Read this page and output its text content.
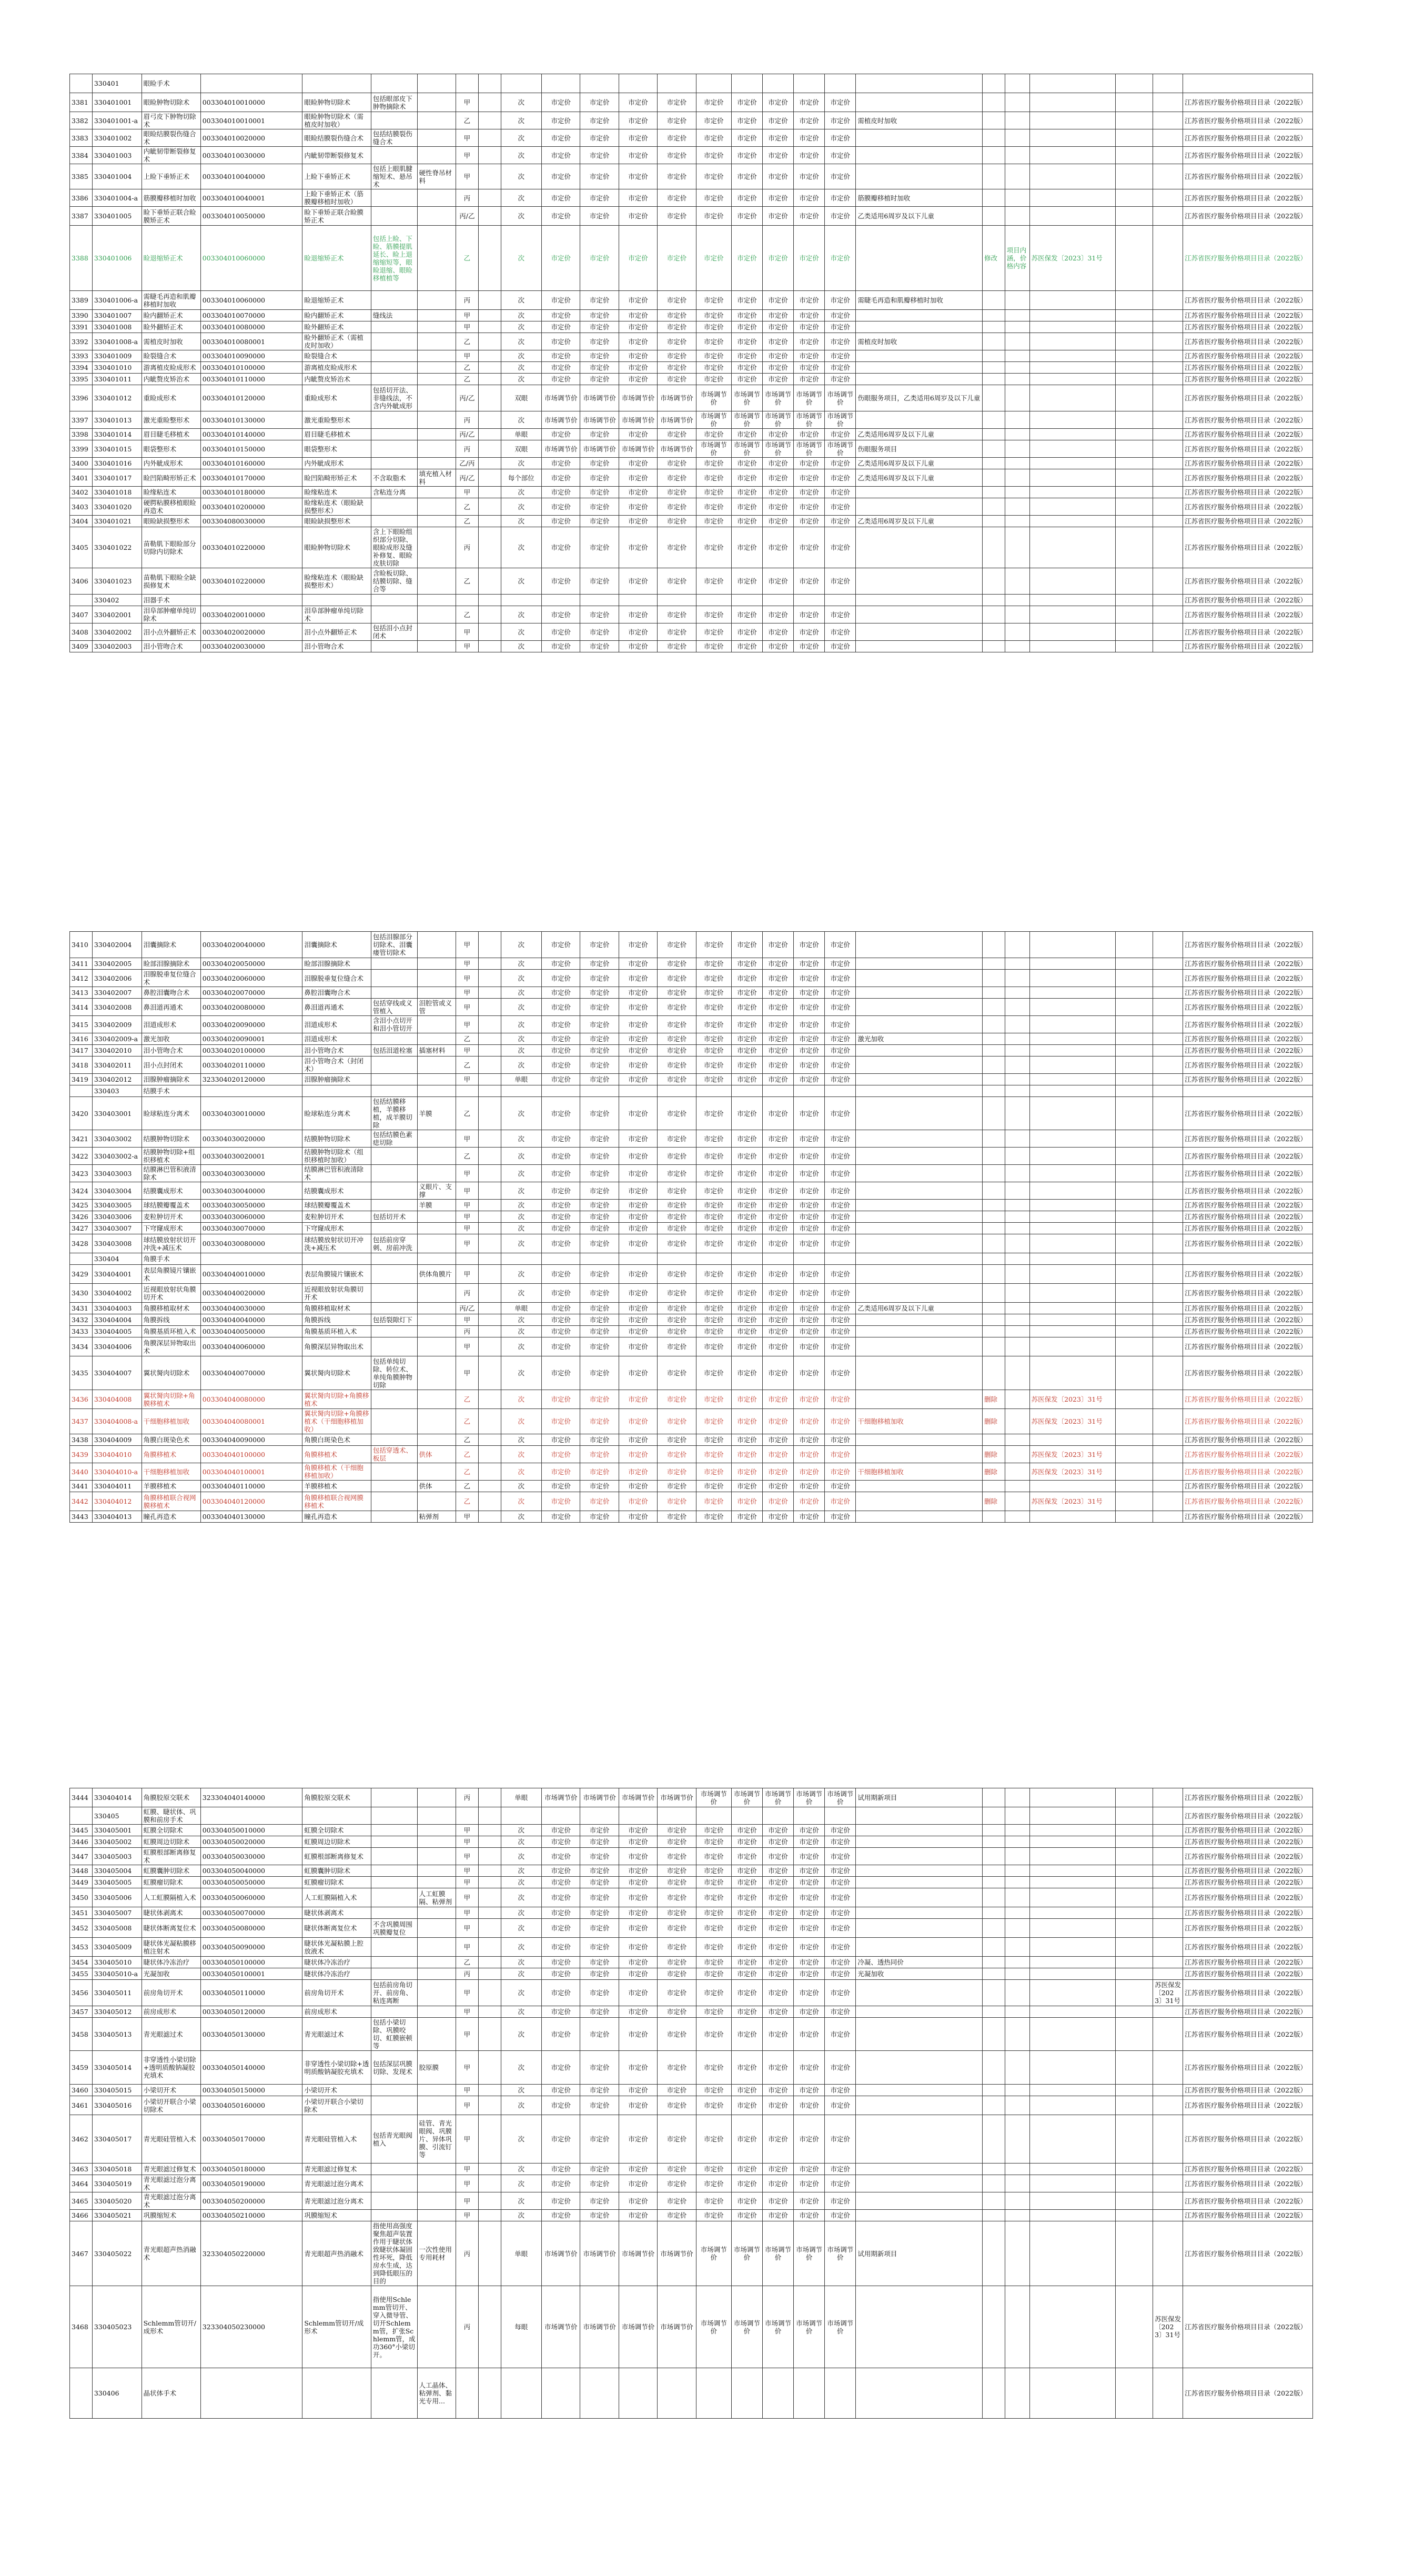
	330401	眼睑手术																							
3381	330401001	眼睑肿物切除术	003304010010000	眼睑肿物切除术	包括眼部皮下肿物摘除术		甲		次	市定价	市定价	市定价	市定价	市定价	市定价	市定价	市定价	市定价							江苏省医疗服务价格项目目录（2022版）
3382	330401001-a	眉弓皮下肿物切除术	003304010010001	眼睑肿物切除术（需植皮时加收）			乙		次	市定价	市定价	市定价	市定价	市定价	市定价	市定价	市定价	市定价	需植皮时加收						江苏省医疗服务价格项目目录（2022版）
3383	330401002	眼睑结膜裂伤缝合术	003304010020000	眼睑结膜裂伤缝合术	包括结膜裂伤缝合术		甲		次	市定价	市定价	市定价	市定价	市定价	市定价	市定价	市定价	市定价							江苏省医疗服务价格项目目录（2022版）
3384	330401003	内眦韧带断裂修复术	003304010030000	内眦韧带断裂修复术			甲		次	市定价	市定价	市定价	市定价	市定价	市定价	市定价	市定价	市定价							江苏省医疗服务价格项目目录（2022版）
3385	330401004	上睑下垂矫正术	003304010040000	上睑下垂矫正术	包括上眼肌腱缩短术、悬吊术	硬性脊吊材料	甲		次	市定价	市定价	市定价	市定价	市定价	市定价	市定价	市定价	市定价							江苏省医疗服务价格项目目录（2022版）
3386	330401004-a	筋膜瓣移植时加收	003304010040001	上睑下垂矫正术（筋膜瓣移植时加收）			丙		次	市定价	市定价	市定价	市定价	市定价	市定价	市定价	市定价	市定价	筋膜瓣移植时加收						江苏省医疗服务价格项目目录（2022版）
3387	330401005	睑下垂矫正联合睑膜矫正术	003304010050000	睑下垂矫正联合睑膜矫正术			丙/乙		次	市定价	市定价	市定价	市定价	市定价	市定价	市定价	市定价	市定价	乙类适用6周岁及以下儿童						江苏省医疗服务价格项目目录（2022版）
3388	330401006	睑退缩矫正术	003304010060000	睑退缩矫正术	包括上睑、下睑、筋膜提肌延长、睑上退缩缩短等，眼睑退缩、眼睑移植植等		乙		次	市定价	市定价	市定价	市定价	市定价	市定价	市定价	市定价	市定价		修改	项目内涵，价格内容	苏医保发〔2023〕31号			江苏省医疗服务价格项目目录（2022版）
3389	330401006-a	需睫毛再造和肌瓣移植时加收	003304010060000	睑退缩矫正术			丙		次	市定价	市定价	市定价	市定价	市定价	市定价	市定价	市定价	市定价	需睫毛再造和肌瓣移植时加收						江苏省医疗服务价格项目目录（2022版）
3390	330401007	睑内翻矫正术	003304010070000	睑内翻矫正术	缝线法		甲		次	市定价	市定价	市定价	市定价	市定价	市定价	市定价	市定价	市定价							江苏省医疗服务价格项目目录（2022版）
3391	330401008	睑外翻矫正术	003304010080000	睑外翻矫正术			甲		次	市定价	市定价	市定价	市定价	市定价	市定价	市定价	市定价	市定价							江苏省医疗服务价格项目目录（2022版）
3392	330401008-a	需植皮时加收	003304010080001	睑外翻矫正术（需植皮时加收）			乙		次	市定价	市定价	市定价	市定价	市定价	市定价	市定价	市定价	市定价	需植皮时加收						江苏省医疗服务价格项目目录（2022版）
3393	330401009	睑裂缝合术	003304010090000	睑裂缝合术			甲		次	市定价	市定价	市定价	市定价	市定价	市定价	市定价	市定价	市定价							江苏省医疗服务价格项目目录（2022版）
3394	330401010	游离植皮睑成形术	003304010100000	游离植皮睑成形术			乙		次	市定价	市定价	市定价	市定价	市定价	市定价	市定价	市定价	市定价							江苏省医疗服务价格项目目录（2022版）
3395	330401011	内眦赘皮矫治术	003304010110000	内眦赘皮矫治术			乙		次	市定价	市定价	市定价	市定价	市定价	市定价	市定价	市定价	市定价							江苏省医疗服务价格项目目录（2022版）
3396	330401012	重睑成形术	003304010120000	重睑成形术	包括切开法、非缝线法，不含内外眦成形		丙/乙		双眼	市场调节价	市场调节价	市场调节价	市场调节价	市场调节价	市场调节价	市场调节价	市场调节价	市场调节价	伤眼服务项目，乙类适用6周岁及以下儿童						江苏省医疗服务价格项目目录（2022版）
3397	330401013	激光重睑整形术	003304010130000	激光重睑整形术			丙		次	市场调节价	市场调节价	市场调节价	市场调节价	市场调节价	市场调节价	市场调节价	市场调节价	市场调节价							江苏省医疗服务价格项目目录（2022版）
3398	330401014	眉目睫毛移植术	003304010140000	眉目睫毛移植术			丙/乙		单眼	市定价	市定价	市定价	市定价	市定价	市定价	市定价	市定价	市定价	乙类适用6周岁及以下儿童						江苏省医疗服务价格项目目录（2022版）
3399	330401015	眼袋整形术	003304010150000	眼袋整形术			丙		双眼	市场调节价	市场调节价	市场调节价	市场调节价	市场调节价	市场调节价	市场调节价	市场调节价	市场调节价	伤眼服务项目						江苏省医疗服务价格项目目录（2022版）
3400	330401016	内外眦成形术	003304010160000	内外眦成形术			乙/丙		次	市定价	市定价	市定价	市定价	市定价	市定价	市定价	市定价	市定价	乙类适用6周岁及以下儿童						江苏省医疗服务价格项目目录（2022版）
3401	330401017	睑凹陷畸形矫正术	003304010170000	睑凹陷畸形矫正术	不含取脂术	填充植入材料	丙/乙		每个部位	市定价	市定价	市定价	市定价	市定价	市定价	市定价	市定价	市定价	乙类适用6周岁及以下儿童						江苏省医疗服务价格项目目录（2022版）
3402	330401018	睑缘粘连术	003304010180000	睑缘粘连术	含粘连分离		甲		次	市定价	市定价	市定价	市定价	市定价	市定价	市定价	市定价	市定价							江苏省医疗服务价格项目目录（2022版）
3403	330401020	硬腭粘膜移植眼睑再造术	003304010200000	睑缘粘连术（眼睑缺损整形术）			乙		次	市定价	市定价	市定价	市定价	市定价	市定价	市定价	市定价	市定价							江苏省医疗服务价格项目目录（2022版）
3404	330401021	眼睑缺损整形术	003304080030000	眼睑缺损整形术			乙		次	市定价	市定价	市定价	市定价	市定价	市定价	市定价	市定价	市定价	乙类适用6周岁及以下儿童						江苏省医疗服务价格项目目录（2022版）
3405	330401022	苗勒肌下眼睑部分切除内切除术	003304010220000	眼睑肿物切除术	含上下眼睑组织部分切除、眼睑成形及缝补修复、眼睑皮肤切除		丙		次	市定价	市定价	市定价	市定价	市定价	市定价	市定价	市定价	市定价							江苏省医疗服务价格项目目录（2022版）
3406	330401023	苗勒肌下眼睑全缺损修复术	003304010220000	睑缘粘连术（眼睑缺损整形术）	含睑板切除、结膜切除、缝合等		乙		次	市定价	市定价	市定价	市定价	市定价	市定价	市定价	市定价	市定价							江苏省医疗服务价格项目目录（2022版）
	330402	泪器手术																							江苏省医疗服务价格项目目录（2022版）
3407	330402001	泪阜部肿瘤单纯切除术	003304020010000	泪阜部肿瘤单纯切除术			乙		次	市定价	市定价	市定价	市定价	市定价	市定价	市定价	市定价	市定价							江苏省医疗服务价格项目目录（2022版）
3408	330402002	泪小点外翻矫正术	003304020020000	泪小点外翻矫正术	包括泪小点封闭术		甲		次	市定价	市定价	市定价	市定价	市定价	市定价	市定价	市定价	市定价							江苏省医疗服务价格项目目录（2022版）
3409	330402003	泪小管吻合术	003304020030000	泪小管吻合术			甲		次	市定价	市定价	市定价	市定价	市定价	市定价	市定价	市定价	市定价							江苏省医疗服务价格项目目录（2022版）
3410	330402004	泪囊摘除术	003304020040000	泪囊摘除术	包括泪腺部分切除术、泪囊瘘管切除术		甲		次	市定价	市定价	市定价	市定价	市定价	市定价	市定价	市定价	市定价							江苏省医疗服务价格项目目录（2022版）
3411	330402005	睑部泪腺摘除术	003304020050000	睑部泪腺摘除术			甲		次	市定价	市定价	市定价	市定价	市定价	市定价	市定价	市定价	市定价							江苏省医疗服务价格项目目录（2022版）
3412	330402006	泪腺脱垂复位缝合术	003304020060000	泪腺脱垂复位缝合术			甲		次	市定价	市定价	市定价	市定价	市定价	市定价	市定价	市定价	市定价							江苏省医疗服务价格项目目录（2022版）
3413	330402007	鼻腔泪囊吻合术	003304020070000	鼻腔泪囊吻合术			甲		次	市定价	市定价	市定价	市定价	市定价	市定价	市定价	市定价	市定价							江苏省医疗服务价格项目目录（2022版）
3414	330402008	鼻泪道再通术	003304020080000	鼻泪道再通术	包括穿线或义管植入	泪腔管或义管	甲		次	市定价	市定价	市定价	市定价	市定价	市定价	市定价	市定价	市定价							江苏省医疗服务价格项目目录（2022版）
3415	330402009	泪道成形术	003304020090000	泪道成形术	含泪小点切开和泪小管切开		甲		次	市定价	市定价	市定价	市定价	市定价	市定价	市定价	市定价	市定价							江苏省医疗服务价格项目目录（2022版）
3416	330402009-a	激光加收	003304020090001	泪道成形术			乙		次	市定价	市定价	市定价	市定价	市定价	市定价	市定价	市定价	市定价	激光加收						江苏省医疗服务价格项目目录（2022版）
3417	330402010	泪小管吻合术	003304020100000	泪小管吻合术	包括泪道栓塞	插塞材料	甲		次	市定价	市定价	市定价	市定价	市定价	市定价	市定价	市定价	市定价							江苏省医疗服务价格项目目录（2022版）
3418	330402011	泪小点封闭术	003304020110000	泪小管吻合术（封闭术）			乙		次	市定价	市定价	市定价	市定价	市定价	市定价	市定价	市定价	市定价							江苏省医疗服务价格项目目录（2022版）
3419	330402012	泪腺肿瘤摘除术	323304020120000	泪腺肿瘤摘除术			甲		单眼	市定价	市定价	市定价	市定价	市定价	市定价	市定价	市定价	市定价							江苏省医疗服务价格项目目录（2022版）
	330403	结膜手术																							
3420	330403001	睑球粘连分离术	003304030010000	睑球粘连分离术	包括结膜移植，羊膜移植，成羊膜切除	羊膜	乙		次	市定价	市定价	市定价	市定价	市定价	市定价	市定价	市定价	市定价							江苏省医疗服务价格项目目录（2022版）
3421	330403002	结膜肿物切除术	003304030020000	结膜肿物切除术	包括结膜色素痣切除		甲		次	市定价	市定价	市定价	市定价	市定价	市定价	市定价	市定价	市定价							江苏省医疗服务价格项目目录（2022版）
3422	330403002-a	结膜肿物切除+组织移植术	003304030020001	结膜肿物切除术（组织移植时加收）			乙		次	市定价	市定价	市定价	市定价	市定价	市定价	市定价	市定价	市定价							江苏省医疗服务价格项目目录（2022版）
3423	330403003	结膜淋巴管积液清除术	003304030030000	结膜淋巴管积液清除术			甲		次	市定价	市定价	市定价	市定价	市定价	市定价	市定价	市定价	市定价							江苏省医疗服务价格项目目录（2022版）
3424	330403004	结膜囊成形术	003304030040000	结膜囊成形术		义眼片、支撑	甲		次	市定价	市定价	市定价	市定价	市定价	市定价	市定价	市定价	市定价							江苏省医疗服务价格项目目录（2022版）
3425	330403005	球结膜瓣覆盖术	003304030050000	球结膜瓣覆盖术		羊膜	甲		次	市定价	市定价	市定价	市定价	市定价	市定价	市定价	市定价	市定价							江苏省医疗服务价格项目目录（2022版）
3426	330403006	麦粒肿切开术	003304030060000	麦粒肿切开术	包括切开术		甲		次	市定价	市定价	市定价	市定价	市定价	市定价	市定价	市定价	市定价							江苏省医疗服务价格项目目录（2022版）
3427	330403007	下穹窿成形术	003304030070000	下穹窿成形术			甲		次	市定价	市定价	市定价	市定价	市定价	市定价	市定价	市定价	市定价							江苏省医疗服务价格项目目录（2022版）
3428	330403008	球结膜放射状切开冲洗+减压术	003304030080000	球结膜放射状切开冲洗+减压术	包括前房穿刺、房前冲洗		甲		次	市定价	市定价	市定价	市定价	市定价	市定价	市定价	市定价	市定价							江苏省医疗服务价格项目目录（2022版）
	330404	角膜手术																							
3429	330404001	表层角膜镜片镶嵌术	003304040010000	表层角膜镜片镶嵌术		供体角膜片	甲		次	市定价	市定价	市定价	市定价	市定价	市定价	市定价	市定价	市定价							江苏省医疗服务价格项目目录（2022版）
3430	330404002	近视眼放射状角膜切开术	003304040020000	近视眼放射状角膜切开术			丙		次	市定价	市定价	市定价	市定价	市定价	市定价	市定价	市定价	市定价							江苏省医疗服务价格项目目录（2022版）
3431	330404003	角膜移植取材术	003304040030000	角膜移植取材术			丙/乙		单眼	市定价	市定价	市定价	市定价	市定价	市定价	市定价	市定价	市定价	乙类适用6周岁及以下儿童						江苏省医疗服务价格项目目录（2022版）
3432	330404004	角膜拆线	003304040040000	角膜拆线	包括裂隙灯下		甲		次	市定价	市定价	市定价	市定价	市定价	市定价	市定价	市定价	市定价							江苏省医疗服务价格项目目录（2022版）
3433	330404005	角膜基质环植入术	003304040050000	角膜基质环植入术			丙		次	市定价	市定价	市定价	市定价	市定价	市定价	市定价	市定价	市定价							江苏省医疗服务价格项目目录（2022版）
3434	330404006	角膜深层异物取出术	003304040060000	角膜深层异物取出术			甲		次	市定价	市定价	市定价	市定价	市定价	市定价	市定价	市定价	市定价							江苏省医疗服务价格项目目录（2022版）
3435	330404007	翼状胬肉切除术	003304040070000	翼状胬肉切除术	包括单纯切除、转位术、单纯角膜肿物切除		甲		次	市定价	市定价	市定价	市定价	市定价	市定价	市定价	市定价	市定价							江苏省医疗服务价格项目目录（2022版）
3436	330404008	翼状胬肉切除+角膜移植术	003304040080000	翼状胬肉切除+角膜移植术			乙		次	市定价	市定价	市定价	市定价	市定价	市定价	市定价	市定价	市定价		删除		苏医保发〔2023〕31号			江苏省医疗服务价格项目目录（2022版）
3437	330404008-a	干细胞移植加收	003304040080001	翼状胬肉切除+角膜移植术（干细胞移植加收）			乙		次	市定价	市定价	市定价	市定价	市定价	市定价	市定价	市定价	市定价	干细胞移植加收	删除		苏医保发〔2023〕31号			江苏省医疗服务价格项目目录（2022版）
3438	330404009	角膜白斑染色术	003304040090000	角膜白斑染色术			乙		次	市定价	市定价	市定价	市定价	市定价	市定价	市定价	市定价	市定价							江苏省医疗服务价格项目目录（2022版）
3439	330404010	角膜移植术	003304040100000	角膜移植术	包括穿透术、板层	供体	乙		次	市定价	市定价	市定价	市定价	市定价	市定价	市定价	市定价	市定价		删除		苏医保发〔2023〕31号			江苏省医疗服务价格项目目录（2022版）
3440	330404010-a	干细胞移植加收	003304040100001	角膜移植术（干细胞移植加收）			乙		次	市定价	市定价	市定价	市定价	市定价	市定价	市定价	市定价	市定价	干细胞移植加收	删除		苏医保发〔2023〕31号			江苏省医疗服务价格项目目录（2022版）
3441	330404011	羊膜移植术	003304040110000	羊膜移植术		供体	乙		次	市定价	市定价	市定价	市定价	市定价	市定价	市定价	市定价	市定价							江苏省医疗服务价格项目目录（2022版）
3442	330404012	角膜移植联合视网膜移植术	003304040120000	角膜移植联合视网膜移植术			乙		次	市定价	市定价	市定价	市定价	市定价	市定价	市定价	市定价	市定价		删除		苏医保发〔2023〕31号			江苏省医疗服务价格项目目录（2022版）
3443	330404013	瞳孔再造术	003304040130000	瞳孔再造术		粘弹剂	甲		次	市定价	市定价	市定价	市定价	市定价	市定价	市定价	市定价	市定价							江苏省医疗服务价格项目目录（2022版）
3444	330404014	角膜胶原交联术	323304040140000	角膜胶原交联术			丙		单眼	市场调节价	市场调节价	市场调节价	市场调节价	市场调节价	市场调节价	市场调节价	市场调节价	市场调节价	试用期新项目						江苏省医疗服务价格项目目录（2022版）
	330405	虹膜、睫状体、巩膜和前房手术																							江苏省医疗服务价格项目目录（2022版）
3445	330405001	虹膜全切除术	003304050010000	虹膜全切除术			甲		次	市定价	市定价	市定价	市定价	市定价	市定价	市定价	市定价	市定价							江苏省医疗服务价格项目目录（2022版）
3446	330405002	虹膜周边切除术	003304050020000	虹膜周边切除术			甲		次	市定价	市定价	市定价	市定价	市定价	市定价	市定价	市定价	市定价							江苏省医疗服务价格项目目录（2022版）
3447	330405003	虹膜根部断离修复术	003304050030000	虹膜根部断离修复术			甲		次	市定价	市定价	市定价	市定价	市定价	市定价	市定价	市定价	市定价							江苏省医疗服务价格项目目录（2022版）
3448	330405004	虹膜囊肿切除术	003304050040000	虹膜囊肿切除术			甲		次	市定价	市定价	市定价	市定价	市定价	市定价	市定价	市定价	市定价							江苏省医疗服务价格项目目录（2022版）
3449	330405005	虹膜瘤切除术	003304050050000	虹膜瘤切除术			甲		次	市定价	市定价	市定价	市定价	市定价	市定价	市定价	市定价	市定价							江苏省医疗服务价格项目目录（2022版）
3450	330405006	人工虹膜隔植入术	003304050060000	人工虹膜隔植入术		人工虹膜隔、粘弹剂	甲		次	市定价	市定价	市定价	市定价	市定价	市定价	市定价	市定价	市定价							江苏省医疗服务价格项目目录（2022版）
3451	330405007	睫状体剥离术	003304050070000	睫状体剥离术			甲		次	市定价	市定价	市定价	市定价	市定价	市定价	市定价	市定价	市定价							江苏省医疗服务价格项目目录（2022版）
3452	330405008	睫状体断离复位术	003304050080000	睫状体断离复位术	不含巩膜周围巩膜瓣复位		甲		次	市定价	市定价	市定价	市定价	市定价	市定价	市定价	市定价	市定价							江苏省医疗服务价格项目目录（2022版）
3453	330405009	睫状体光凝粘膜移植注射术	003304050090000	睫状体光凝粘膜上腔放液术			甲		次	市定价	市定价	市定价	市定价	市定价	市定价	市定价	市定价	市定价							江苏省医疗服务价格项目目录（2022版）
3454	330405010	睫状体冷冻治疗	003304050100000	睫状体冷冻治疗			乙		次	市定价	市定价	市定价	市定价	市定价	市定价	市定价	市定价	市定价	冷凝、透热同价						江苏省医疗服务价格项目目录（2022版）
3455	330405010-a	光凝加收	003304050100001	睫状体冷冻治疗			丙		次	市定价	市定价	市定价	市定价	市定价	市定价	市定价	市定价	市定价	光凝加收						江苏省医疗服务价格项目目录（2022版）
3456	330405011	前房角切开术	003304050110000	前房角切开术	包括前房角切开、前房角、粘连离断		甲		次	市定价	市定价	市定价	市定价	市定价	市定价	市定价	市定价	市定价						苏医保发〔2023〕31号	江苏省医疗服务价格项目目录（2022版）
3457	330405012	前房成形术	003304050120000	前房成形术			甲		次	市定价	市定价	市定价	市定价	市定价	市定价	市定价	市定价	市定价							江苏省医疗服务价格项目目录（2022版）
3458	330405013	青光眼滤过术	003304050130000	青光眼滤过术	包括小梁切除、巩膜咬切、虹膜嵌顿等		甲		次	市定价	市定价	市定价	市定价	市定价	市定价	市定价	市定价	市定价							江苏省医疗服务价格项目目录（2022版）
3459	330405014	非穿透性小梁切除+透明质酸钠凝胶充填术	003304050140000	非穿透性小梁切除+透明质酸钠凝胶充填术	包括深层巩膜切除、发现术	胶原膜	甲		次	市定价	市定价	市定价	市定价	市定价	市定价	市定价	市定价	市定价							江苏省医疗服务价格项目目录（2022版）
3460	330405015	小梁切开术	003304050150000	小梁切开术			甲		次	市定价	市定价	市定价	市定价	市定价	市定价	市定价	市定价	市定价							江苏省医疗服务价格项目目录（2022版）
3461	330405016	小梁切开联合小梁切除术	003304050160000	小梁切开联合小梁切除术			甲		次	市定价	市定价	市定价	市定价	市定价	市定价	市定价	市定价	市定价							江苏省医疗服务价格项目目录（2022版）
3462	330405017	青光眼硅管植入术	003304050170000	青光眼硅管植入术	包括青光眼阀植入	硅管、青光眼阀、巩膜片、异体巩膜、引流钉等	甲		次	市定价	市定价	市定价	市定价	市定价	市定价	市定价	市定价	市定价							江苏省医疗服务价格项目目录（2022版）
3463	330405018	青光眼滤过修复术	003304050180000	青光眼滤过修复术			甲		次	市定价	市定价	市定价	市定价	市定价	市定价	市定价	市定价	市定价							江苏省医疗服务价格项目目录（2022版）
3464	330405019	青光眼滤过泡分离术	003304050190000	青光眼滤过泡分离术			甲		次	市定价	市定价	市定价	市定价	市定价	市定价	市定价	市定价	市定价							江苏省医疗服务价格项目目录（2022版）
3465	330405020	青光眼滤过泡分离术	003304050200000	青光眼滤过泡分离术			甲		次	市定价	市定价	市定价	市定价	市定价	市定价	市定价	市定价	市定价							江苏省医疗服务价格项目目录（2022版）
3466	330405021	巩膜缩短术	003304050210000	巩膜缩短术			甲		次	市定价	市定价	市定价	市定价	市定价	市定价	市定价	市定价	市定价							江苏省医疗服务价格项目目录（2022版）
3467	330405022	青光眼超声热消融术	323304050220000	青光眼超声热消融术	指使用高强度聚焦超声装置作用于睫状体致睫状体凝固性坏死，降低房水生成，达到降低眼压的目的	一次性使用专用耗材	丙		单眼	市场调节价	市场调节价	市场调节价	市场调节价	市场调节价	市场调节价	市场调节价	市场调节价	市场调节价	试用期新项目						江苏省医疗服务价格项目目录（2022版）
3468	330405023	Schlemm管切开/成形术	323304050230000	Schlemm管切开/成形术	指使用Schlemm管切开、穿入微导管、切开Schlemm管，扩张Schlemm管，成功360°小梁切开。		丙		每眼	市场调节价	市场调节价	市场调节价	市场调节价	市场调节价	市场调节价	市场调节价	市场调节价	市场调节价						苏医保发〔2023〕31号	江苏省医疗服务价格项目目录（2022版）
	330406	晶状体手术				人工晶体、粘弹剂、黏光专用...																			江苏省医疗服务价格项目目录（2022版）
